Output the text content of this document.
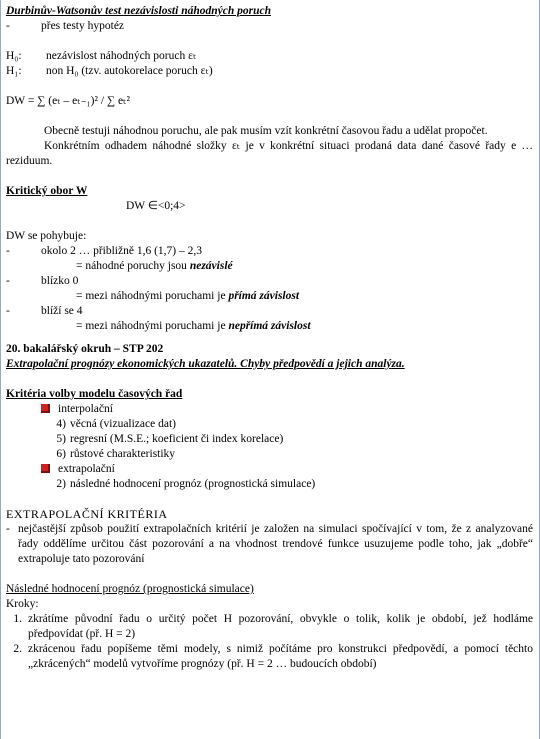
Durbinův-Watsonův test nezávislosti náhodných poruch

-	přes testy hypotéz
H₀:	nezávislost náhodných poruch εₜ
H₁:	non H₀ (tzv. autokorelace poruch εₜ)

DW = ∑ (eₜ – eₜ₋₁)² / ∑ eₜ²

Obecně testuji náhodnou poruchu, ale pak musím vzít konkrétní časovou řadu a udělat propočet.

Konkrétním odhadem náhodné složky εₜ je v konkrétní situaci prodaná data dané časové řady e … reziduum.

Kritický obor W

DW ∈<0;4>

DW se pohybuje:

-	okolo 2 … přibližně 1,6 (1,7) – 2,3

= náhodné poruchy jsou nezávislé

-	blízko 0

= mezi náhodnými poruchami je přímá závislost

-	blíží se 4

= mezi náhodnými poruchami je nepřímá závislost

20. bakalářský okruh – STP 202

Extrapolační prognózy ekonomických ukazatelů. Chyby předpovědí a jejich analýza.

Kritéria volby modelu časových řad

interpolační

4) věcná (vizualizace dat)
5) regresní (M.S.E.; koeficient či index korelace)
6) růstové charakteristiky

extrapolační

2) následné hodnocení prognóz (prognostická simulace)

EXTRAPOLAČNÍ KRITÉRIA

- nejčastější způsob použití extrapolačních kritérií je založen na simulaci spočívající v tom, že z analyzované řady oddělíme určitou část pozorování a na vhodnost trendové funkce usuzujeme podle toho, jak „dobře“ extrapoluje tato pozorování

Následné hodnocení prognóz (prognostická simulace)

Kroky:

1. zkrátíme původní řadu o určitý počet H pozorování, obvykle o tolik, kolik je období, jež hodláme předpovídat (př. H = 2)
2. zkrácenou řadu popíšeme těmi modely, s nimiž počítáme pro konstrukci předpovědí, a pomocí těchto „zkrácených“ modelů vytvoříme prognózy (př. H = 2 … budoucích období)
